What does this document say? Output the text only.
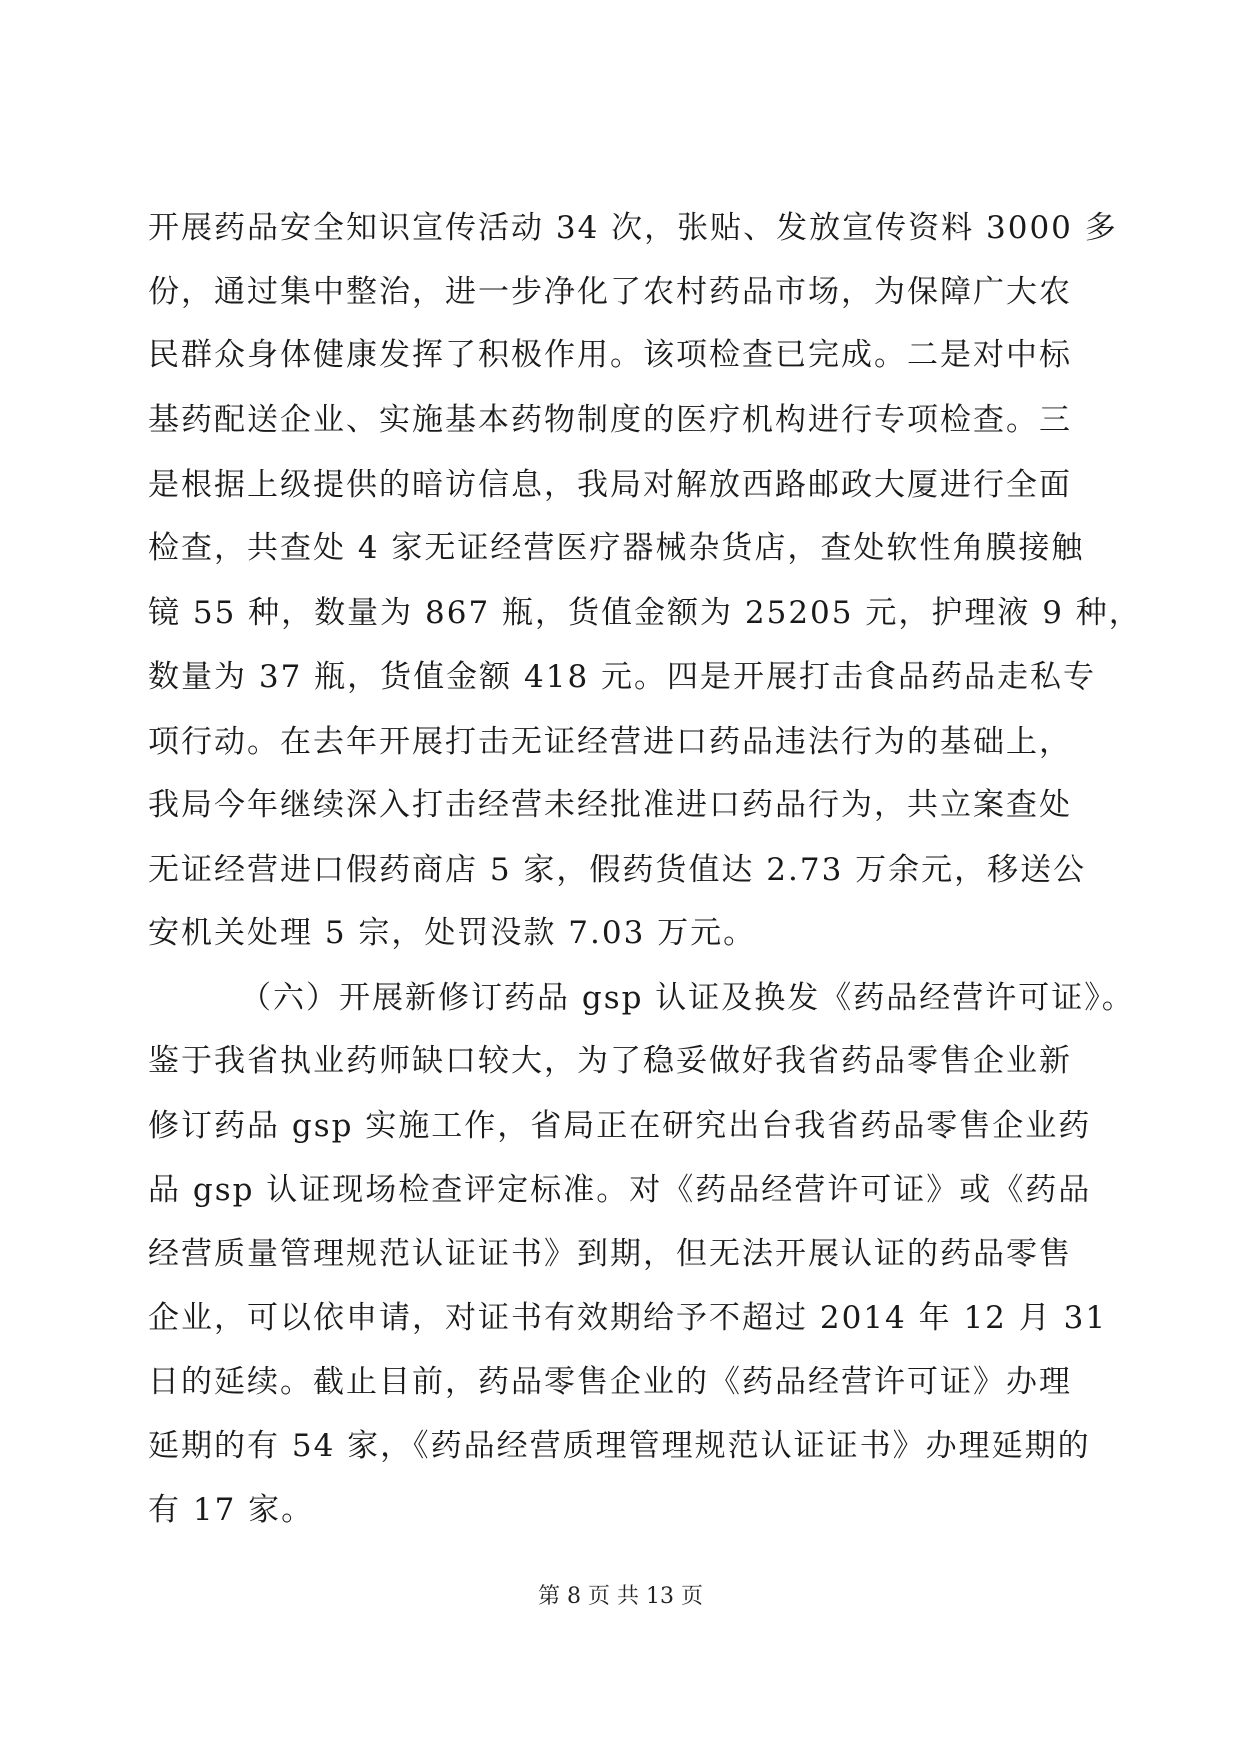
开展药品安全知识宣传活动 34 次，张贴、发放宣传资料 3000 多
份，通过集中整治，进一步净化了农村药品市场，为保障广大农
民群众身体健康发挥了积极作用。该项检查已完成。二是对中标
基药配送企业、实施基本药物制度的医疗机构进行专项检查。三
是根据上级提供的暗访信息，我局对解放西路邮政大厦进行全面
检查，共查处 4 家无证经营医疗器械杂货店，查处软性角膜接触
镜 55 种，数量为 867 瓶，货值金额为 25205 元，护理液 9 种，
数量为 37 瓶，货值金额 418 元。四是开展打击食品药品走私专
项行动。在去年开展打击无证经营进口药品违法行为的基础上，
我局今年继续深入打击经营未经批准进口药品行为，共立案查处
无证经营进口假药商店 5 家，假药货值达 2.73 万余元，移送公
安机关处理 5 宗，处罚没款 7.03 万元。
（六）开展新修订药品 gsp 认证及换发《药品经营许可证》。
鉴于我省执业药师缺口较大，为了稳妥做好我省药品零售企业新
修订药品 gsp 实施工作，省局正在研究出台我省药品零售企业药
品 gsp 认证现场检查评定标准。对《药品经营许可证》或《药品
经营质量管理规范认证证书》到期，但无法开展认证的药品零售
企业，可以依申请，对证书有效期给予不超过 2014 年 12 月 31
日的延续。截止目前，药品零售企业的《药品经营许可证》办理
延期的有 54 家，《药品经营质理管理规范认证证书》办理延期的
有 17 家。
第 8 页 共 13 页
